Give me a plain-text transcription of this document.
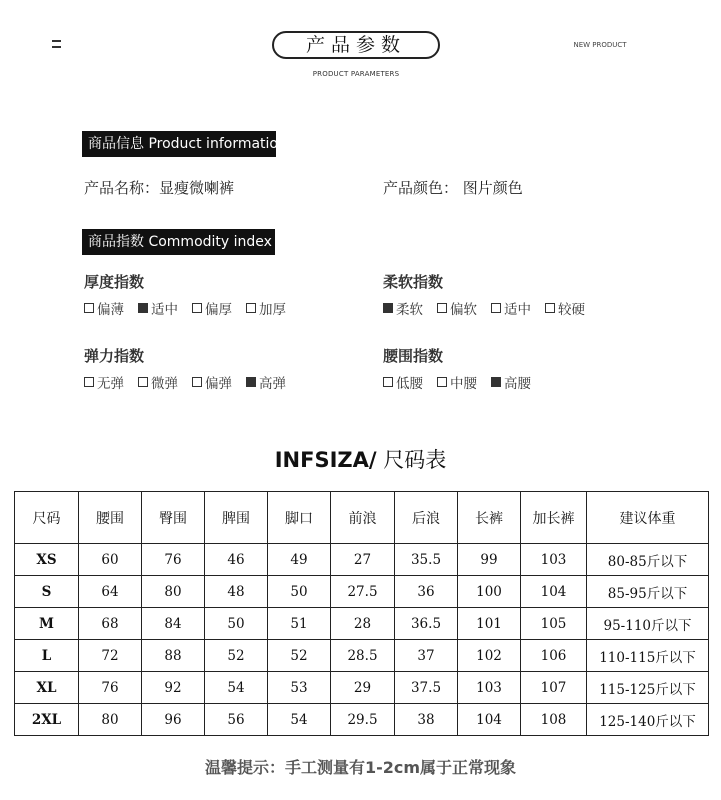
产品参数
PRODUCT PARAMETERS
NEW PRODUCT
商品信息 Product information
产品名称：显瘦微喇裤	产品颜色： 图片颜色
商品指数 Commodity index
厚度指数
偏薄 适中 偏厚 加厚
柔软指数
柔软 偏软 适中 较硬
弹力指数
无弹 微弹 偏弹 高弹
腰围指数
低腰 中腰 高腰
INFSIZA/ 尺码表
尺码	腰围	臀围	脾围	脚口	前浪	后浪	长裤	加长裤	建议体重
XS	60	76	46	49	27	35.5	99	103	80-85斤以下
S	64	80	48	50	27.5	36	100	104	85-95斤以下
M	68	84	50	51	28	36.5	101	105	95-110斤以下
L	72	88	52	52	28.5	37	102	106	110-115斤以下
XL	76	92	54	53	29	37.5	103	107	115-125斤以下
2XL	80	96	56	54	29.5	38	104	108	125-140斤以下
温馨提示：手工测量有1-2cm属于正常现象
